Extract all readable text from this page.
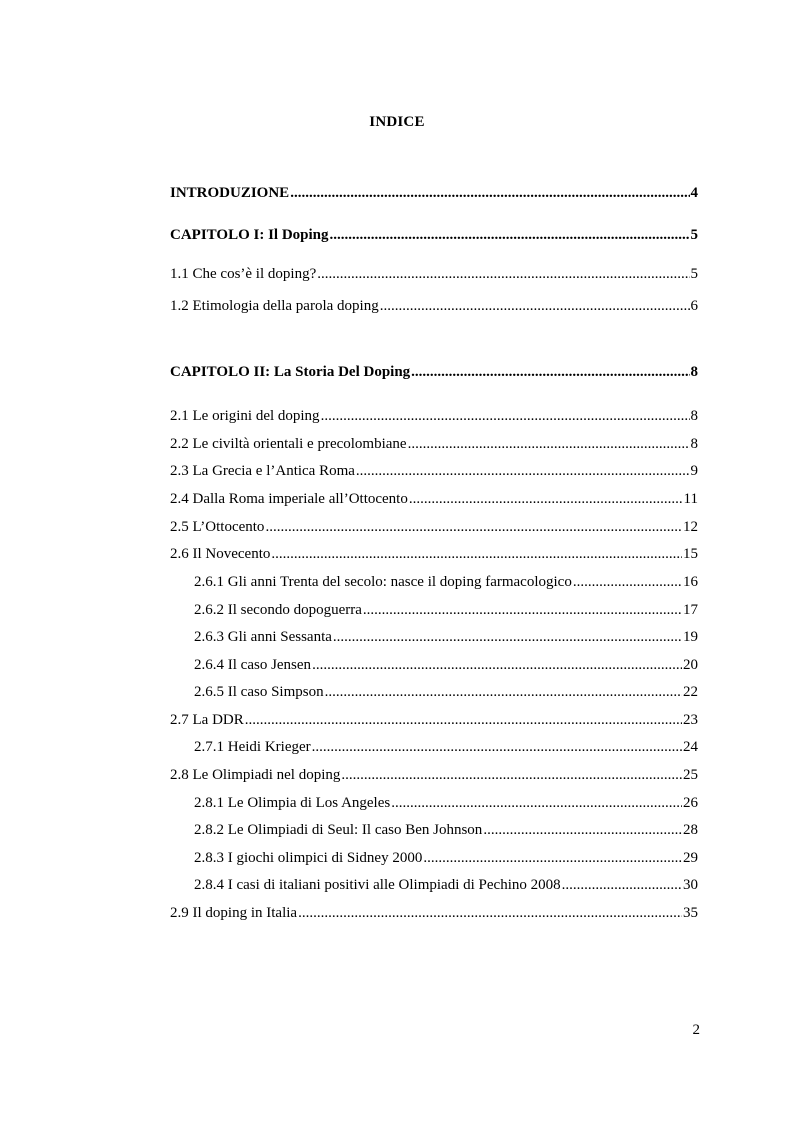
INDICE
INTRODUZIONE .....	4
CAPITOLO I: Il Doping .....	5
1.1 Che cos’è il doping? .....	5
1.2 Etimologia della parola doping .....	6
CAPITOLO II: La Storia Del Doping .....	8
2.1 Le origini del doping .....	8
2.2 Le civiltà orientali e precolombiane .....	8
2.3 La Grecia e l’Antica Roma .....	9
2.4 Dalla Roma imperiale all’Ottocento .....	11
2.5 L’Ottocento .....	12
2.6 Il Novecento .....	15
2.6.1 Gli anni Trenta del secolo: nasce il doping farmacologico .....	16
2.6.2 Il secondo dopoguerra .....	17
2.6.3 Gli anni Sessanta .....	19
2.6.4 Il caso Jensen .....	20
2.6.5 Il caso Simpson .....	22
2.7 La DDR .....	23
2.7.1 Heidi Krieger .....	24
2.8 Le Olimpiadi nel doping .....	25
2.8.1 Le Olimpia di Los Angeles .....	26
2.8.2 Le Olimpiadi di Seul: Il caso Ben Johnson .....	28
2.8.3 I giochi olimpici di Sidney 2000 .....	29
2.8.4 I casi di italiani positivi alle Olimpiadi di Pechino 2008 .....	30
2.9 Il doping in Italia .....	35
2
